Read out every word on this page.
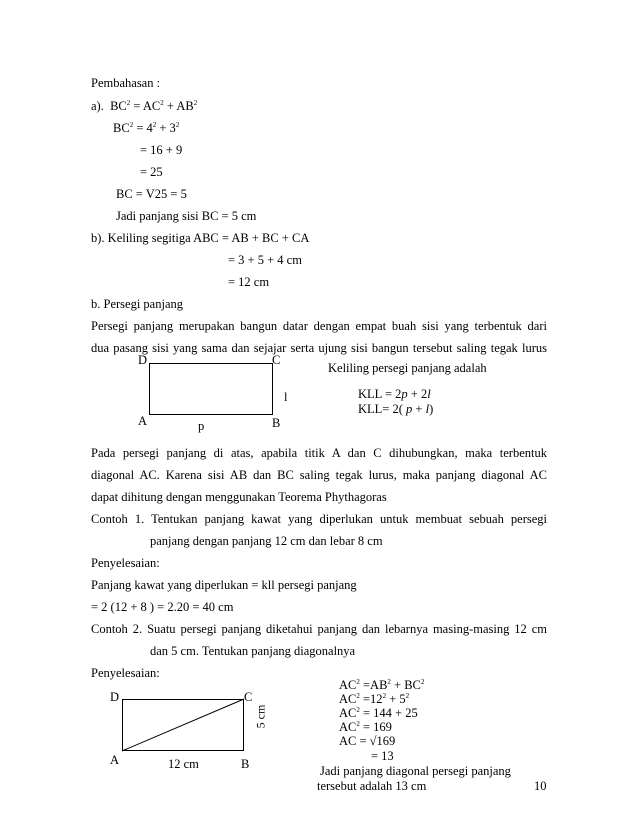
Pembahasan :
a). $BC^2 = AC^2 + AB^2$
$BC^2 = 4^2 + 3^2$
= 16 + 9
= 25
BC = V25 = 5
Jadi panjang sisi BC = 5 cm
b). Keliling segitiga ABC = AB + BC + CA
= 3 + 5 + 4 cm
= 12 cm
b. Persegi panjang
Persegi panjang merupakan bangun datar dengan empat buah sisi yang terbentuk dari
dua pasang sisi yang sama dan sejajar serta ujung sisi bangun tersebut saling tegak lurus
D	C
A	B
p
l
Keliling persegi panjang adalah
KLL = 2p + 2l
KLL= 2( p + l)
Pada persegi panjang di atas, apabila titik A dan C dihubungkan, maka terbentuk
diagonal AC. Karena sisi AB dan BC saling tegak lurus, maka panjang diagonal AC
dapat dihitung dengan menggunakan Teorema Phythagoras
Contoh 1. Tentukan panjang kawat yang diperlukan untuk membuat sebuah persegi
panjang dengan panjang 12 cm dan lebar 8 cm
Penyelesaian:
Panjang kawat yang diperlukan = kll persegi panjang
= 2 (12 + 8 ) = 2.20 = 40 cm
Contoh 2. Suatu persegi panjang diketahui panjang dan lebarnya masing-masing 12 cm
dan 5 cm. Tentukan panjang diagonalnya
Penyelesaian:
D	C
A	B
12 cm
5 cm
$AC^2 =AB^2 + BC^2$
$AC^2 =12^2 + 5^2$
$AC^2 = 144 + 25$
$AC^2 = 169$
AC = √169
= 13
Jadi panjang diagonal persegi panjang
tersebut adalah 13 cm	10
